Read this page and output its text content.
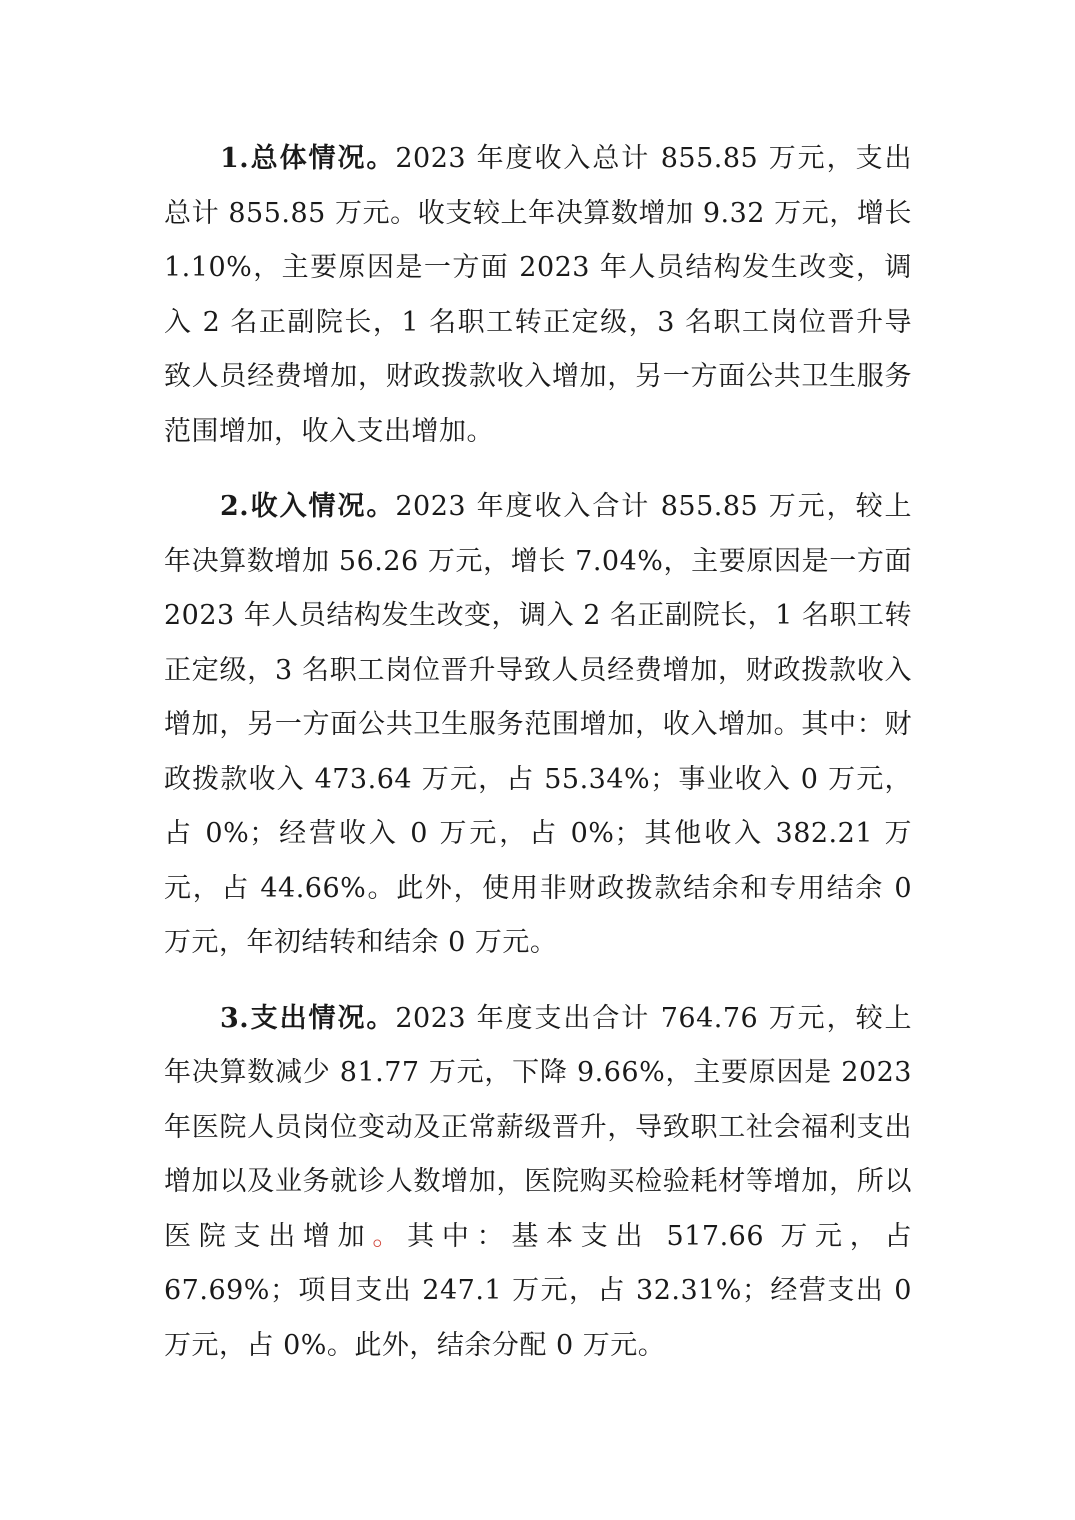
1.总体情况。2023 年度收入总计 855.85 万元，支出总计 855.85 万元。收支较上年决算数增加 9.32 万元，增长 1.10%，主要原因是一方面 2023 年人员结构发生改变，调入 2 名正副院长，1 名职工转正定级，3 名职工岗位晋升导致人员经费增加，财政拨款收入增加，另一方面公共卫生服务范围增加，收入支出增加。

2.收入情况。2023 年度收入合计 855.85 万元，较上年决算数增加 56.26 万元，增长 7.04%，主要原因是一方面 2023 年人员结构发生改变，调入 2 名正副院长，1 名职工转正定级，3 名职工岗位晋升导致人员经费增加，财政拨款收入增加，另一方面公共卫生服务范围增加，收入增加。其中：财政拨款收入 473.64 万元，占 55.34%；事业收入 0 万元，占 0%；经营收入 0 万元，占 0%；其他收入 382.21 万元，占 44.66%。此外，使用非财政拨款结余和专用结余 0 万元，年初结转和结余 0 万元。

3.支出情况。2023 年度支出合计 764.76 万元，较上年决算数减少 81.77 万元，下降 9.66%，主要原因是 2023 年医院人员岗位变动及正常薪级晋升，导致职工社会福利支出增加以及业务就诊人数增加，医院购买检验耗材等增加，所以医院支出增加。其中：基本支出 517.66 万元，占 67.69%；项目支出 247.1 万元，占 32.31%；经营支出 0 万元，占 0%。此外，结余分配 0 万元。
